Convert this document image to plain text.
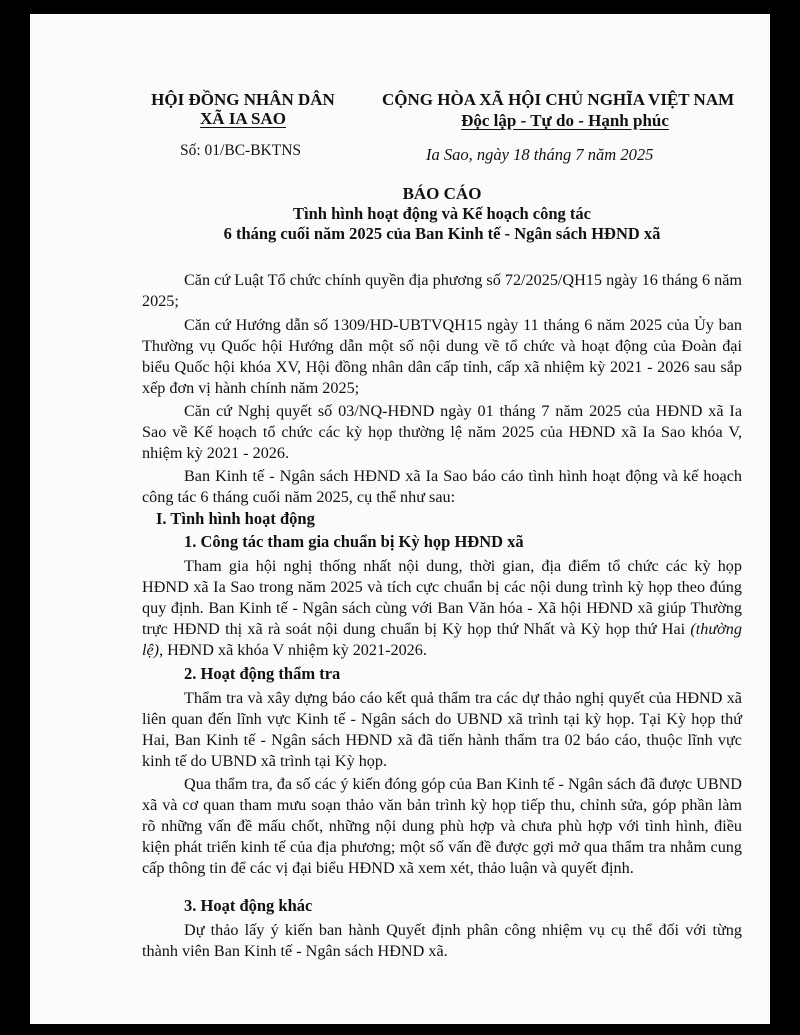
HỘI ĐỒNG NHÂN DÂN
XÃ IA SAO
Số: 01/BC-BKTNS
CỘNG HÒA XÃ HỘI CHỦ NGHĨA VIỆT NAM
Độc lập - Tự do - Hạnh phúc
Ia Sao, ngày 18 tháng 7 năm 2025
BÁO CÁO
Tình hình hoạt động và Kế hoạch công tác
6 tháng cuối năm 2025 của Ban Kinh tế - Ngân sách HĐND xã
Căn cứ Luật Tổ chức chính quyền địa phương số 72/2025/QH15 ngày 16 tháng 6 năm 2025;
Căn cứ Hướng dẫn số 1309/HD-UBTVQH15 ngày 11 tháng 6 năm 2025 của Ủy ban Thường vụ Quốc hội Hướng dẫn một số nội dung về tổ chức và hoạt động của Đoàn đại biểu Quốc hội khóa XV, Hội đồng nhân dân cấp tỉnh, cấp xã nhiệm kỳ 2021 - 2026 sau sắp xếp đơn vị hành chính năm 2025;
Căn cứ Nghị quyết số 03/NQ-HĐND ngày 01 tháng 7 năm 2025 của HĐND xã Ia Sao về Kế hoạch tổ chức các kỳ họp thường lệ năm 2025 của HĐND xã Ia Sao khóa V, nhiệm kỳ 2021 - 2026.
Ban Kinh tế - Ngân sách HĐND xã Ia Sao báo cáo tình hình hoạt động và kế hoạch công tác 6 tháng cuối năm 2025, cụ thể như sau:
I. Tình hình hoạt động
1. Công tác tham gia chuẩn bị Kỳ họp HĐND xã
Tham gia hội nghị thống nhất nội dung, thời gian, địa điểm tổ chức các kỳ họp HĐND xã Ia Sao trong năm 2025 và tích cực chuẩn bị các nội dung trình kỳ họp theo đúng quy định. Ban Kinh tế - Ngân sách cùng với Ban Văn hóa - Xã hội HĐND xã giúp Thường trực HĐND thị xã rà soát nội dung chuẩn bị Kỳ họp thứ Nhất và Kỳ họp thứ Hai (thường lệ), HĐND xã khóa V nhiệm kỳ 2021-2026.
2. Hoạt động thẩm tra
Thẩm tra và xây dựng báo cáo kết quả thẩm tra các dự thảo nghị quyết của HĐND xã liên quan đến lĩnh vực Kinh tế - Ngân sách do UBND xã trình tại kỳ họp. Tại Kỳ họp thứ Hai, Ban Kinh tế - Ngân sách HĐND xã đã tiến hành thẩm tra 02 báo cáo, thuộc lĩnh vực kinh tế do UBND xã trình tại Kỳ họp.
Qua thẩm tra, đa số các ý kiến đóng góp của Ban Kinh tế - Ngân sách đã được UBND xã và cơ quan tham mưu soạn thảo văn bản trình kỳ họp tiếp thu, chỉnh sửa, góp phần làm rõ những vấn đề mấu chốt, những nội dung phù hợp và chưa phù hợp với tình hình, điều kiện phát triển kinh tế của địa phương; một số vấn đề được gợi mở qua thẩm tra nhằm cung cấp thông tin để các vị đại biểu HĐND xã xem xét, thảo luận và quyết định.
3. Hoạt động khác
Dự thảo lấy ý kiến ban hành Quyết định phân công nhiệm vụ cụ thể đối với từng thành viên Ban Kinh tế - Ngân sách HĐND xã.
